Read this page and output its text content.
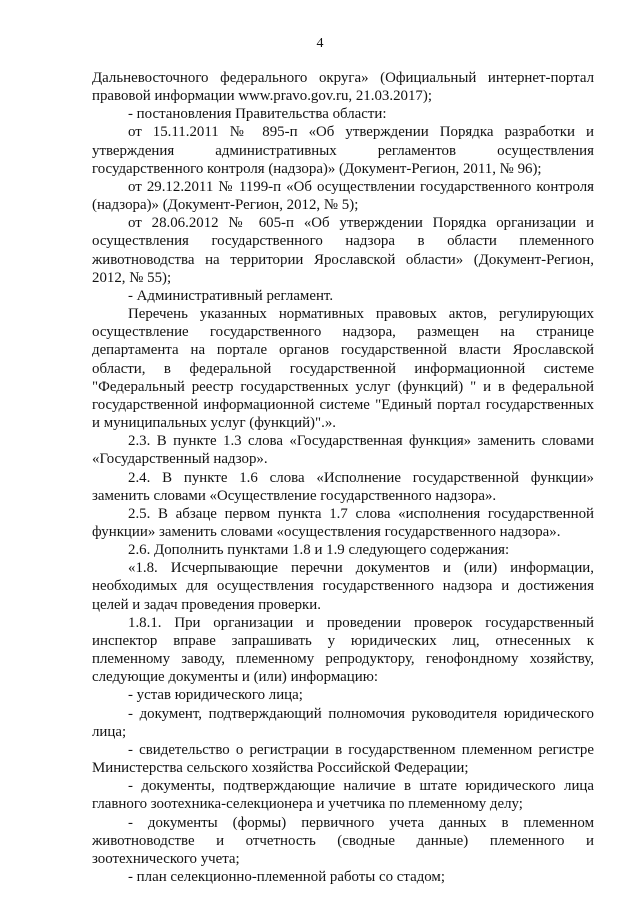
4
Дальневосточного федерального округа» (Официальный интернет-портал
правовой информации www.pravo.gov.ru, 21.03.2017);
- постановления Правительства области:
от 15.11.2011 № 895-п «Об утверждении Порядка разработки и
утверждения административных регламентов осуществления
государственного контроля (надзора)» (Документ-Регион, 2011, № 96);
от 29.12.2011 № 1199-п «Об осуществлении государственного контроля
(надзора)» (Документ-Регион, 2012, № 5);
от 28.06.2012 № 605-п «Об утверждении Порядка организации и
осуществления государственного надзора в области племенного
животноводства на территории Ярославской области» (Документ-Регион,
2012, № 55);
- Административный регламент.
Перечень указанных нормативных правовых актов, регулирующих
осуществление государственного надзора, размещен на странице
департамента на портале органов государственной власти Ярославской
области, в федеральной государственной информационной системе
"Федеральный реестр государственных услуг (функций) " и в федеральной
государственной информационной системе "Единый портал государственных
и муниципальных услуг (функций)".».
2.3. В пункте 1.3 слова «Государственная функция» заменить словами
«Государственный надзор».
2.4. В пункте 1.6 слова «Исполнение государственной функции»
заменить словами «Осуществление государственного надзора».
2.5. В абзаце первом пункта 1.7 слова «исполнения государственной
функции» заменить словами «осуществления государственного надзора».
2.6. Дополнить пунктами 1.8 и 1.9 следующего содержания:
«1.8. Исчерпывающие перечни документов и (или) информации,
необходимых для осуществления государственного надзора и достижения
целей и задач проведения проверки.
1.8.1. При организации и проведении проверок государственный
инспектор вправе запрашивать у юридических лиц, отнесенных к
племенному заводу, племенному репродуктору, генофондному хозяйству,
следующие документы и (или) информацию:
- устав юридического лица;
- документ, подтверждающий полномочия руководителя юридического
лица;
- свидетельство о регистрации в государственном племенном регистре
Министерства сельского хозяйства Российской Федерации;
- документы, подтверждающие наличие в штате юридического лица
главного зоотехника-селекционера и учетчика по племенному делу;
- документы (формы) первичного учета данных в племенном
животноводстве и отчетность (сводные данные) племенного и
зоотехнического учета;
- план селекционно-племенной работы со стадом;
